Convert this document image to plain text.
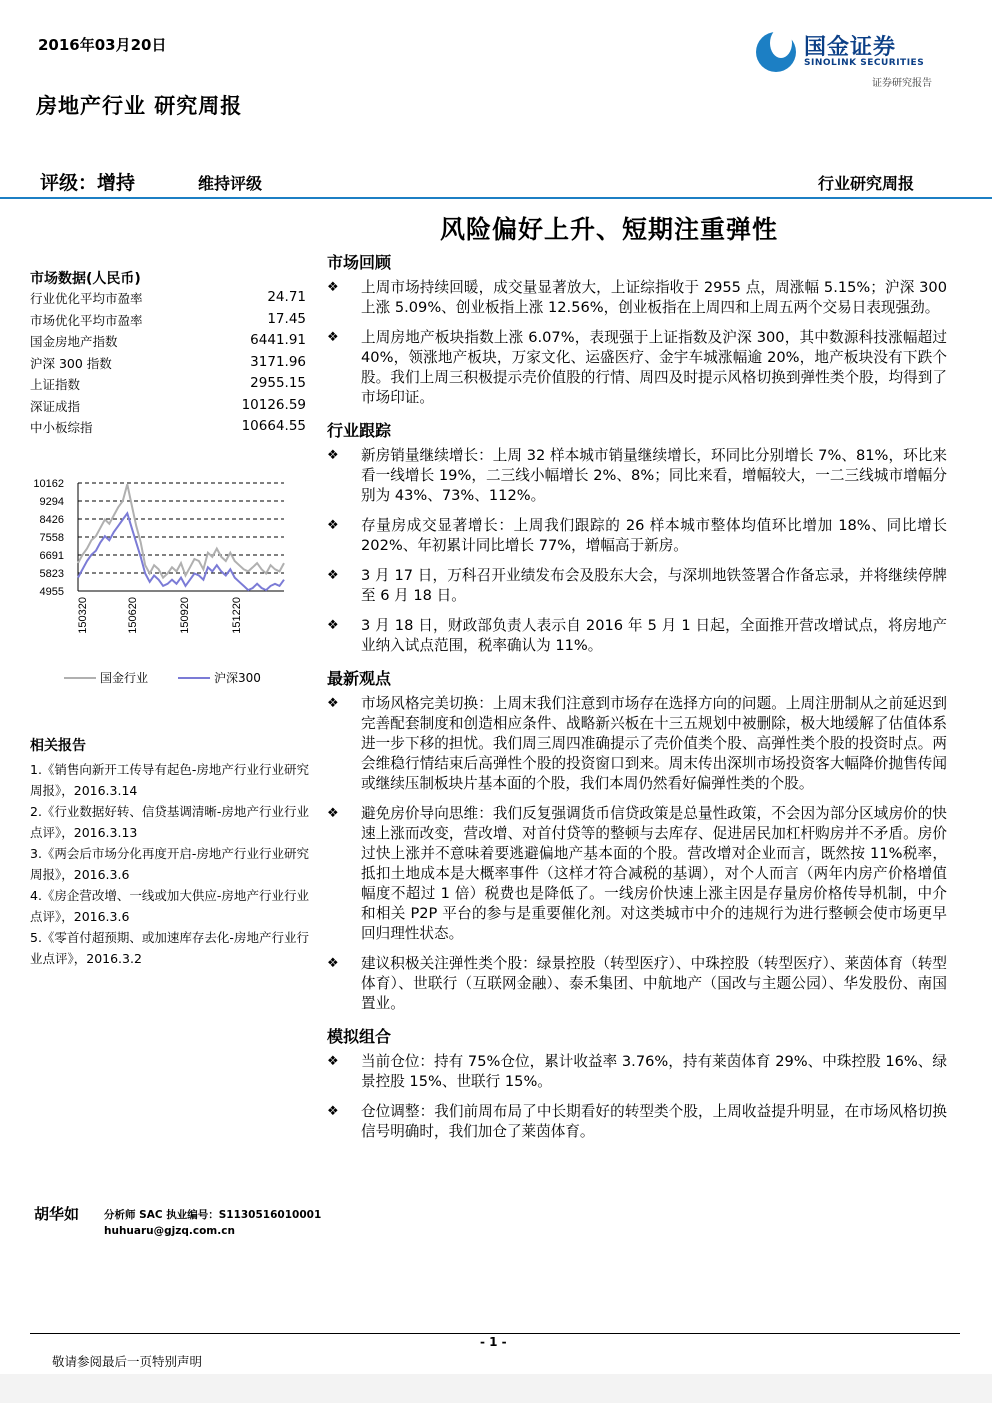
2016年03月20日	国金证券
SINOLINK SECURITIES
证券研究报告
房地产行业 研究周报
评级：增持	维持评级	行业研究周报
风险偏好上升、短期注重弹性
市场数据(人民币)
行业优化平均市盈率	24.71
市场优化平均市盈率	17.45
国金房地产指数	6441.91
沪深 300 指数	3171.96
上证指数	2955.15
深证成指	10126.59
中小板综指	10664.55
10162
9294
8426
7558
6691
5823
4955
150320	150620	150920	151220
国金行业	沪深300
相关报告
1.《销售向新开工传导有起色-房地产行业行业研究周报》，2016.3.14
2.《行业数据好转、信贷基调清晰-房地产行业行业点评》，2016.3.13
3.《两会后市场分化再度开启-房地产行业行业研究周报》，2016.3.6
4.《房企营改增、一线或加大供应-房地产行业行业点评》，2016.3.6
5.《零首付超预期、或加速库存去化-房地产行业行业点评》，2016.3.2
胡华如 分析师 SAC 执业编号：S1130516010001
huhuaru@gjzq.com.cn
市场回顾
❖	上周市场持续回暖，成交量显著放大，上证综指收于 2955 点，周涨幅 5.15%；沪深 300 上涨 5.09%、创业板指上涨 12.56%，创业板指在上周四和上周五两个交易日表现强劲。
❖	上周房地产板块指数上涨 6.07%，表现强于上证指数及沪深 300，其中数源科技涨幅超过 40%，领涨地产板块，万家文化、运盛医疗、金宇车城涨幅逾 20%，地产板块没有下跌个股。我们上周三积极提示壳价值股的行情、周四及时提示风格切换到弹性类个股，均得到了市场印证。
行业跟踪
❖	新房销量继续增长：上周 32 样本城市销量继续增长，环同比分别增长 7%、81%，环比来看一线增长 19%，二三线小幅增长 2%、8%；同比来看，增幅较大，一二三线城市增幅分别为 43%、73%、112%。
❖	存量房成交显著增长：上周我们跟踪的 26 样本城市整体均值环比增加 18%、同比增长 202%、年初累计同比增长 77%，增幅高于新房。
❖	3 月 17 日，万科召开业绩发布会及股东大会，与深圳地铁签署合作备忘录，并将继续停牌至 6 月 18 日。
❖	3 月 18 日，财政部负责人表示自 2016 年 5 月 1 日起，全面推开营改增试点，将房地产业纳入试点范围，税率确认为 11%。
最新观点
❖	市场风格完美切换：上周末我们注意到市场存在选择方向的问题。上周注册制从之前延迟到完善配套制度和创造相应条件、战略新兴板在十三五规划中被删除，极大地缓解了估值体系进一步下移的担忧。我们周三周四准确提示了壳价值类个股、高弹性类个股的投资时点。两会维稳行情结束后高弹性个股的投资窗口到来。周末传出深圳市场投资客大幅降价抛售传闻或继续压制板块片基本面的个股，我们本周仍然看好偏弹性类的个股。
❖	避免房价导向思维：我们反复强调货币信贷政策是总量性政策，不会因为部分区域房价的快速上涨而改变，营改增、对首付贷等的整顿与去库存、促进居民加杠杆购房并不矛盾。房价过快上涨并不意味着要逃避偏地产基本面的个股。营改增对企业而言，既然按 11%税率，抵扣土地成本是大概率事件（这样才符合减税的基调），对个人而言（两年内房产价格增值幅度不超过 1 倍）税费也是降低了。一线房价快速上涨主因是存量房价格传导机制，中介和相关 P2P 平台的参与是重要催化剂。对这类城市中介的违规行为进行整顿会使市场更早回归理性状态。
❖	建议积极关注弹性类个股：绿景控股（转型医疗）、中珠控股（转型医疗）、莱茵体育（转型体育）、世联行（互联网金融）、泰禾集团、中航地产（国改与主题公园）、华发股份、南国置业。
模拟组合
❖	当前仓位：持有 75%仓位，累计收益率 3.76%，持有莱茵体育 29%、中珠控股 16%、绿景控股 15%、世联行 15%。
❖	仓位调整：我们前周布局了中长期看好的转型类个股，上周收益提升明显，在市场风格切换信号明确时，我们加仓了莱茵体育。
- 1 -
敬请参阅最后一页特别声明
